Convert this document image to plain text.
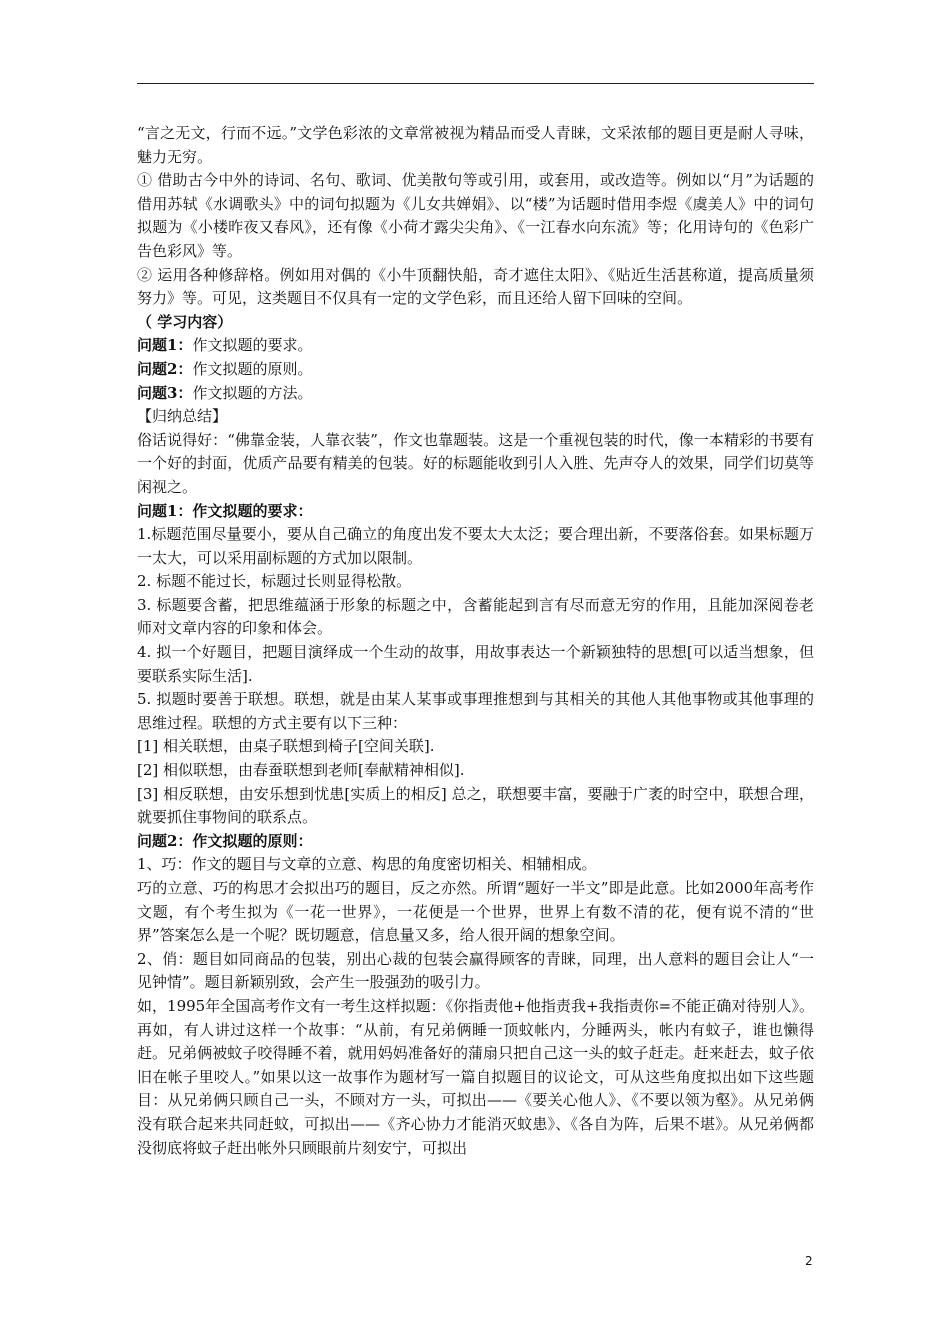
“言之无文，行而不远。”文学色彩浓的文章常被视为精品而受人青睐，文采浓郁的题目更是耐人寻味，魅力无穷。

① 借助古今中外的诗词、名句、歌词、优美散句等或引用，或套用，或改造等。例如以“月”为话题的借用苏轼《水调歌头》中的词句拟题为《儿女共婵娟》、以“楼”为话题时借用李煜《虞美人》中的词句拟题为《小楼昨夜又春风》，还有像《小荷才露尖尖角》、《一江春水向东流》等；化用诗句的《色彩广告色彩风》等。

② 运用各种修辞格。例如用对偶的《小牛顶翻快船，奇才遮住太阳》、《贴近生活甚称道，提高质量须努力》等。可见，这类题目不仅具有一定的文学色彩，而且还给人留下回味的空间。

（ 学习内容）

问题1：作文拟题的要求。

问题2：作文拟题的原则。

问题3：作文拟题的方法。

【归纳总结】

俗话说得好：“佛靠金装，人靠衣装”，作文也靠题装。这是一个重视包装的时代，像一本精彩的书要有一个好的封面，优质产品要有精美的包装。好的标题能收到引人入胜、先声夺人的效果，同学们切莫等闲视之。

问题1：作文拟题的要求：

1.标题范围尽量要小，要从自己确立的角度出发不要太大太泛；要合理出新，不要落俗套。如果标题万一太大，可以采用副标题的方式加以限制。

2. 标题不能过长，标题过长则显得松散。

3. 标题要含蓄，把思维蕴涵于形象的标题之中，含蓄能起到言有尽而意无穷的作用，且能加深阅卷老师对文章内容的印象和体会。

4. 拟一个好题目，把题目演绎成一个生动的故事，用故事表达一个新颖独特的思想[可以适当想象，但要联系实际生活].

5. 拟题时要善于联想。联想，就是由某人某事或事理推想到与其相关的其他人其他事物或其他事理的思维过程。联想的方式主要有以下三种：

[1] 相关联想，由桌子联想到椅子[空间关联].

[2] 相似联想，由春蚕联想到老师[奉献精神相似].

[3] 相反联想，由安乐想到忧患[实质上的相反] 总之，联想要丰富，要融于广袤的时空中，联想合理，就要抓住事物间的联系点。

问题2：作文拟题的原则：

1、巧：作文的题目与文章的立意、构思的角度密切相关、相辅相成。

巧的立意、巧的构思才会拟出巧的题目，反之亦然。所谓“题好一半文”即是此意。比如2000年高考作文题，有个考生拟为《一花一世界》，一花便是一个世界，世界上有数不清的花，便有说不清的“世界”答案怎么是一个呢？既切题意，信息量又多，给人很开阔的想象空间。

2、俏：题目如同商品的包装，别出心裁的包装会赢得顾客的青睐，同理，出人意料的题目会让人“一见钟情”。题目新颖别致，会产生一股强劲的吸引力。

如，1995年全国高考作文有一考生这样拟题：《你指责他+他指责我+我指责你=不能正确对待别人》。再如，有人讲过这样一个故事：“从前，有兄弟俩睡一顶蚊帐内，分睡两头，帐内有蚊子，谁也懒得赶。兄弟俩被蚊子咬得睡不着，就用妈妈准备好的蒲扇只把自己这一头的蚊子赶走。赶来赶去，蚊子依旧在帐子里咬人。”如果以这一故事作为题材写一篇自拟题目的议论文，可从这些角度拟出如下这些题目：从兄弟俩只顾自己一头，不顾对方一头，可拟出——《要关心他人》、《不要以领为壑》。从兄弟俩没有联合起来共同赶蚊，可拟出——《齐心协力才能消灭蚊患》、《各自为阵，后果不堪》。从兄弟俩都没彻底将蚊子赶出帐外只顾眼前片刻安宁，可拟出

2
